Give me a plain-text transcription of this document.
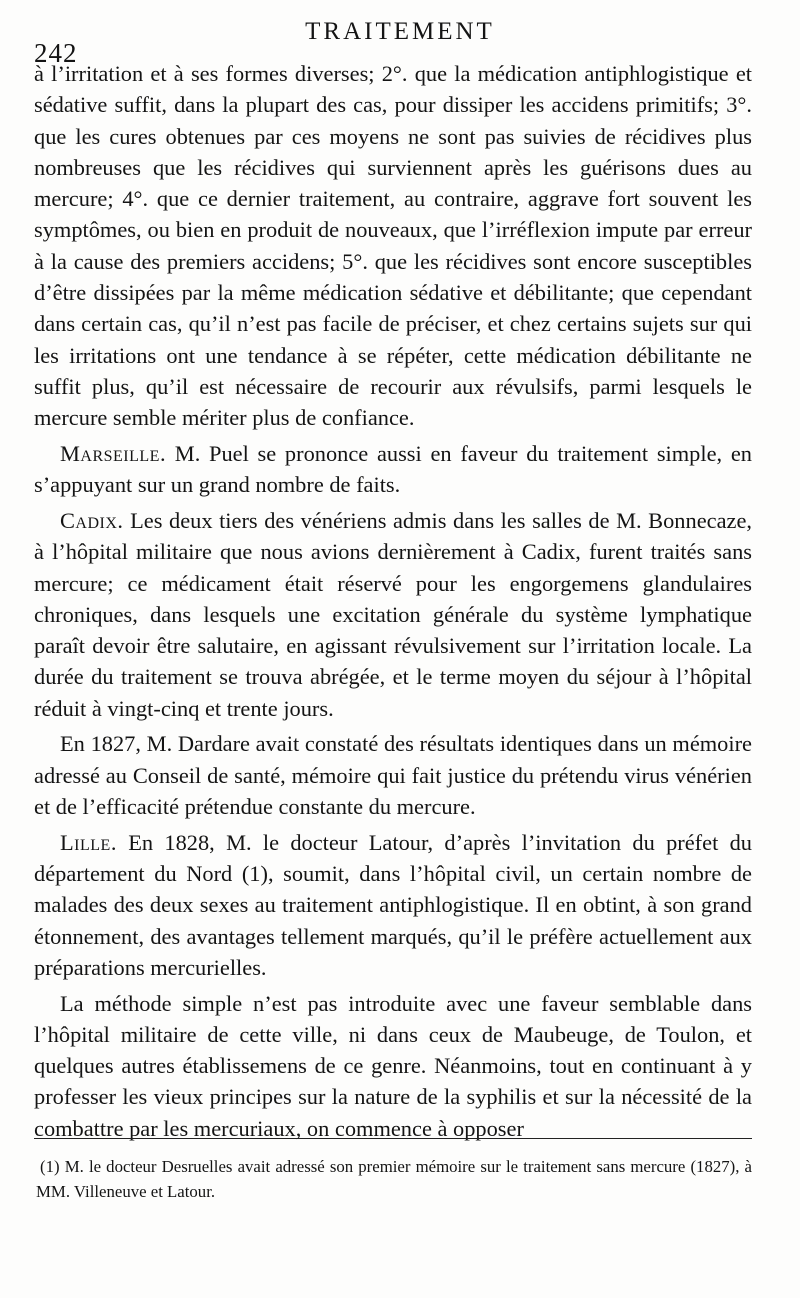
242
TRAITEMENT

à l’irritation et à ses formes diverses; 2°. que la médication antiphlogistique et sédative suffit, dans la plupart des cas, pour dissiper les accidens primitifs; 3°. que les cures obtenues par ces moyens ne sont pas suivies de récidives plus nombreuses que les récidives qui surviennent après les guérisons dues au mercure; 4°. que ce dernier traitement, au contraire, aggrave fort souvent les symptômes, ou bien en produit de nouveaux, que l’irréflexion impute par erreur à la cause des premiers accidens; 5°. que les récidives sont encore susceptibles d’être dissipées par la même médication sédative et débilitante; que cependant dans certain cas, qu’il n’est pas facile de préciser, et chez certains sujets sur qui les irritations ont une tendance à se répéter, cette médication débilitante ne suffit plus, qu’il est nécessaire de recourir aux révulsifs, parmi lesquels le mercure semble mériter plus de confiance.

Marseille. M. Puel se prononce aussi en faveur du traitement simple, en s’appuyant sur un grand nombre de faits.

Cadix. Les deux tiers des vénériens admis dans les salles de M. Bonnecaze, à l’hôpital militaire que nous avions dernièrement à Cadix, furent traités sans mercure; ce médicament était réservé pour les engorgemens glandulaires chroniques, dans lesquels une excitation générale du système lymphatique paraît devoir être salutaire, en agissant révulsivement sur l’irritation locale. La durée du traitement se trouva abrégée, et le terme moyen du séjour à l’hôpital réduit à vingt-cinq et trente jours.

En 1827, M. Dardare avait constaté des résultats identiques dans un mémoire adressé au Conseil de santé, mémoire qui fait justice du prétendu virus vénérien et de l’efficacité prétendue constante du mercure.

Lille. En 1828, M. le docteur Latour, d’après l’invitation du préfet du département du Nord (1), soumit, dans l’hôpital civil, un certain nombre de malades des deux sexes au traitement antiphlogistique. Il en obtint, à son grand étonnement, des avantages tellement marqués, qu’il le préfère actuellement aux préparations mercurielles.

La méthode simple n’est pas introduite avec une faveur semblable dans l’hôpital militaire de cette ville, ni dans ceux de Maubeuge, de Toulon, et quelques autres établissemens de ce genre. Néanmoins, tout en continuant à y professer les vieux principes sur la nature de la syphilis et sur la nécessité de la combattre par les mercuriaux, on commence à opposer

(1) M. le docteur Desruelles avait adressé son premier mémoire sur le traitement sans mercure (1827), à MM. Villeneuve et Latour.
